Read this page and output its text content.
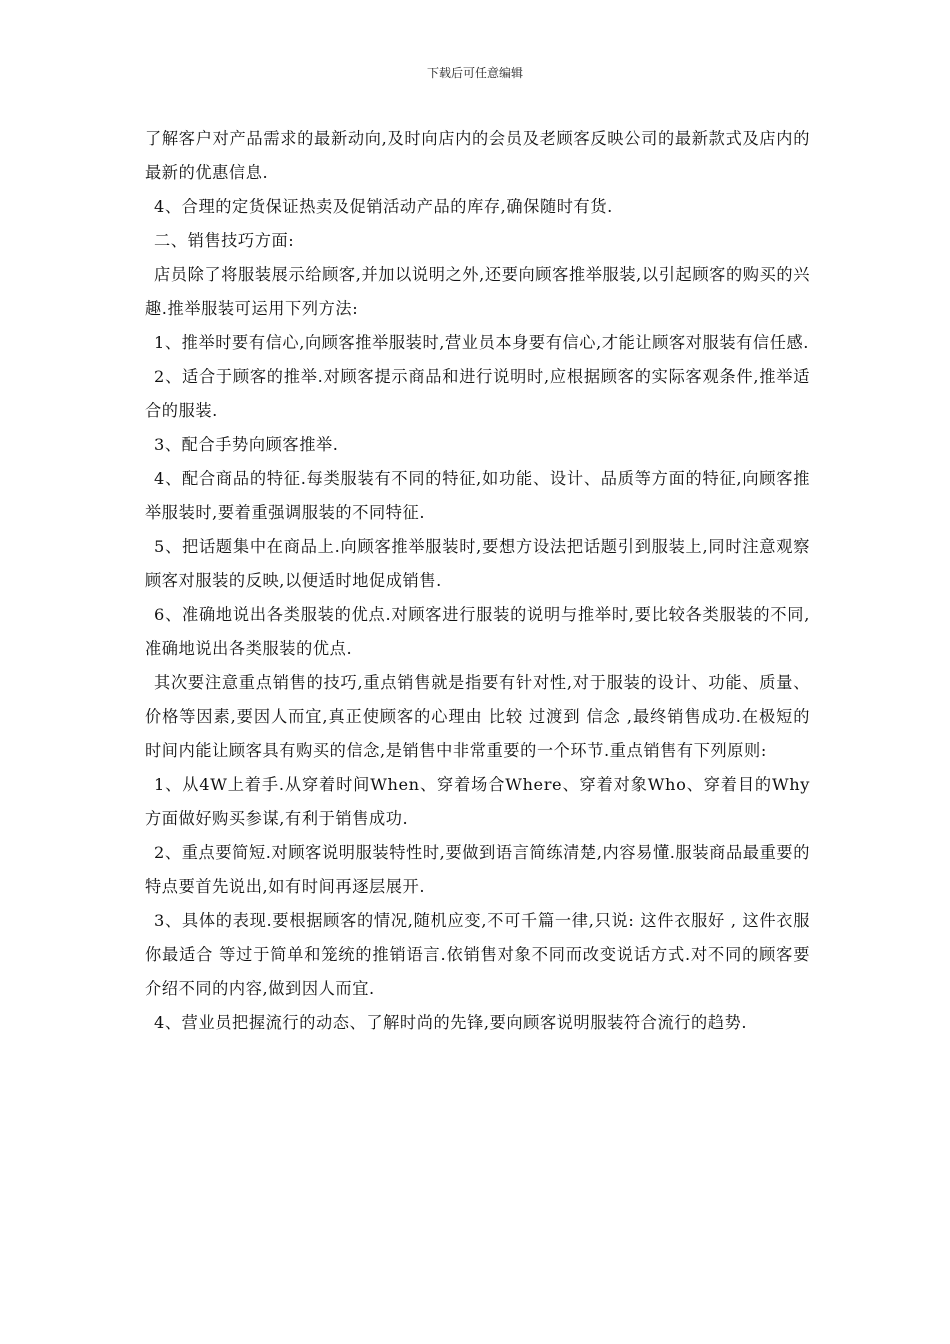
下载后可任意编辑

了解客户对产品需求的最新动向,及时向店内的会员及老顾客反映公司的最新款式及店内的最新的优惠信息.

4、合理的定货保证热卖及促销活动产品的库存,确保随时有货.

二、销售技巧方面:

店员除了将服装展示给顾客,并加以说明之外,还要向顾客推举服装,以引起顾客的购买的兴趣.推举服装可运用下列方法:

1、推举时要有信心,向顾客推举服装时,营业员本身要有信心,才能让顾客对服装有信任感.

2、适合于顾客的推举.对顾客提示商品和进行说明时,应根据顾客的实际客观条件,推举适合的服装.

3、配合手势向顾客推举.

4、配合商品的特征.每类服装有不同的特征,如功能、设计、品质等方面的特征,向顾客推举服装时,要着重强调服装的不同特征.

5、把话题集中在商品上.向顾客推举服装时,要想方设法把话题引到服装上,同时注意观察顾客对服装的反映,以便适时地促成销售.

6、准确地说出各类服装的优点.对顾客进行服装的说明与推举时,要比较各类服装的不同,准确地说出各类服装的优点.

其次要注意重点销售的技巧,重点销售就是指要有针对性,对于服装的设计、功能、质量、价格等因素,要因人而宜,真正使顾客的心理由 比较 过渡到 信念 ,最终销售成功.在极短的时间内能让顾客具有购买的信念,是销售中非常重要的一个环节.重点销售有下列原则:

1、从4W上着手.从穿着时间When、穿着场合Where、穿着对象Who、穿着目的Why方面做好购买参谋,有利于销售成功.

2、重点要简短.对顾客说明服装特性时,要做到语言简练清楚,内容易懂.服装商品最重要的特点要首先说出,如有时间再逐层展开.

3、具体的表现.要根据顾客的情况,随机应变,不可千篇一律,只说: 这件衣服好 , 这件衣服你最适合 等过于简单和笼统的推销语言.依销售对象不同而改变说话方式.对不同的顾客要介绍不同的内容,做到因人而宜.

4、营业员把握流行的动态、了解时尚的先锋,要向顾客说明服装符合流行的趋势.
